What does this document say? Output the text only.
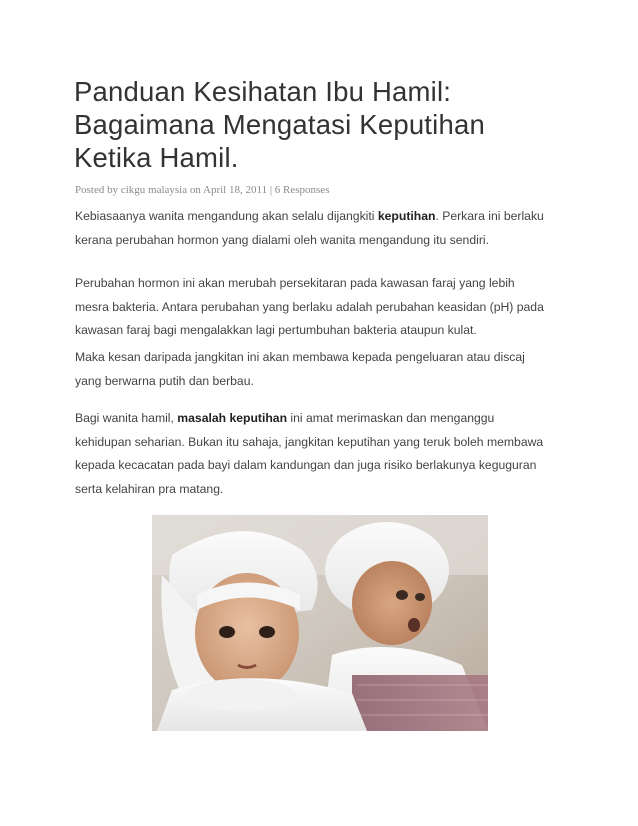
Panduan Kesihatan Ibu Hamil:
Bagaimana Mengatasi Keputihan
Ketika Hamil.
Posted by cikgu malaysia on April 18, 2011 | 6 Responses

Kebiasaanya wanita mengandung akan selalu dijangkiti keputihan. Perkara ini berlaku
kerana perubahan hormon yang dialami oleh wanita mengandung itu sendiri.

Perubahan hormon ini akan merubah persekitaran pada kawasan faraj yang lebih
mesra bakteria. Antara perubahan yang berlaku adalah perubahan keasidan (pH) pada
kawasan faraj bagi mengalakkan lagi pertumbuhan bakteria ataupun kulat.

Maka kesan daripada jangkitan ini akan membawa kepada pengeluaran atau discaj
yang berwarna putih dan berbau.

Bagi wanita hamil, masalah keputihan ini amat merimaskan dan menganggu
kehidupan seharian. Bukan itu sahaja, jangkitan keputihan yang teruk boleh membawa
kepada kecacatan pada bayi dalam kandungan dan juga risiko berlakunya keguguran
serta kelahiran pra matang.
